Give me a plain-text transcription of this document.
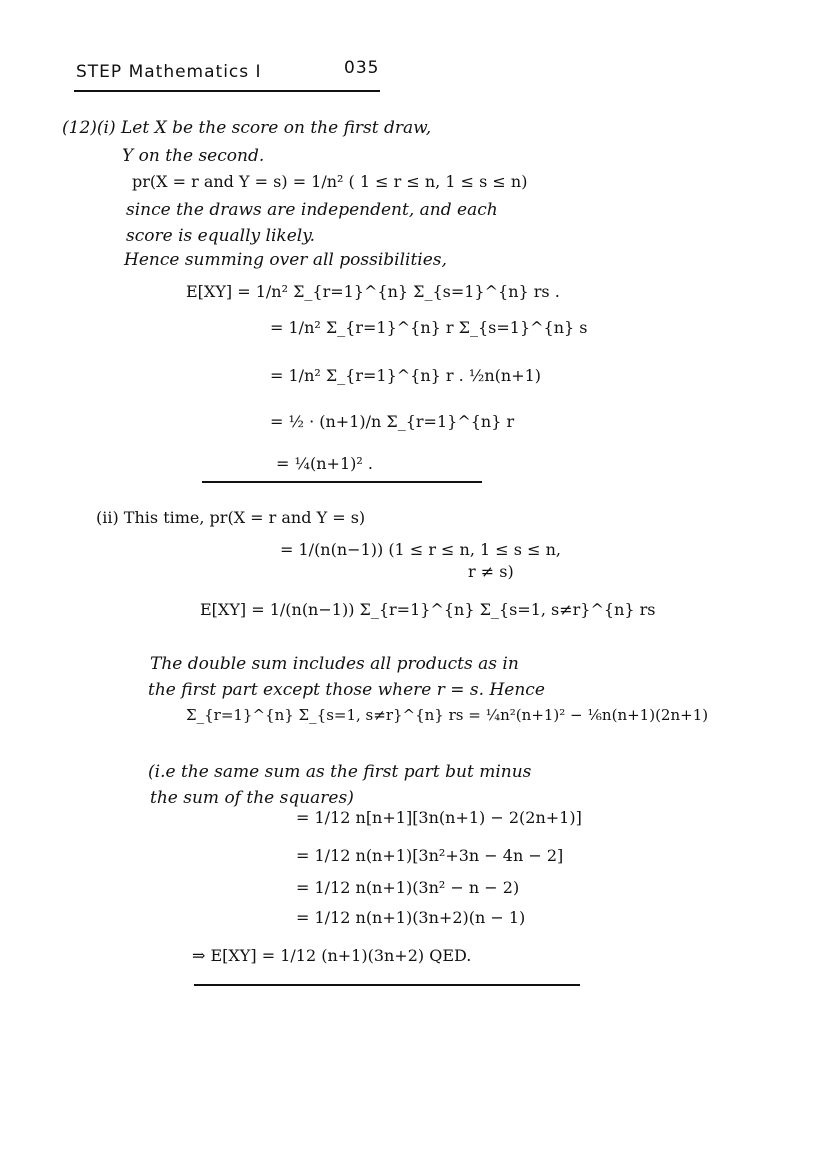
STEP Mathematics I	035
(12)(i) Let X be the score on the first draw,
Y on the second.
pr(X = r and Y = s) = 1/n² ( 1 ≤ r ≤ n, 1 ≤ s ≤ n)
since the draws are independent, and each
score is equally likely.
Hence summing over all possibilities,
E[XY] = 1/n² Σ_{r=1}^{n} Σ_{s=1}^{n} rs .
= 1/n² Σ_{r=1}^{n} r Σ_{s=1}^{n} s
= 1/n² Σ_{r=1}^{n} r . ½n(n+1)
= ½ · (n+1)/n Σ_{r=1}^{n} r
= ¼(n+1)² .
(ii) This time, pr(X = r and Y = s)
= 1/(n(n−1)) (1 ≤ r ≤ n, 1 ≤ s ≤ n,
r ≠ s)
E[XY] = 1/(n(n−1)) Σ_{r=1}^{n} Σ_{s=1, s≠r}^{n} rs
The double sum includes all products as in
the first part except those where r = s. Hence
Σ_{r=1}^{n} Σ_{s=1, s≠r}^{n} rs = ¼n²(n+1)² − ⅙n(n+1)(2n+1)
(i.e the same sum as the first part but minus
the sum of the squares)
= 1/12 n[n+1][3n(n+1) − 2(2n+1)]
= 1/12 n(n+1)[3n²+3n − 4n − 2]
= 1/12 n(n+1)(3n² − n − 2)
= 1/12 n(n+1)(3n+2)(n − 1)
⇒ E[XY] = 1/12 (n+1)(3n+2) QED.
